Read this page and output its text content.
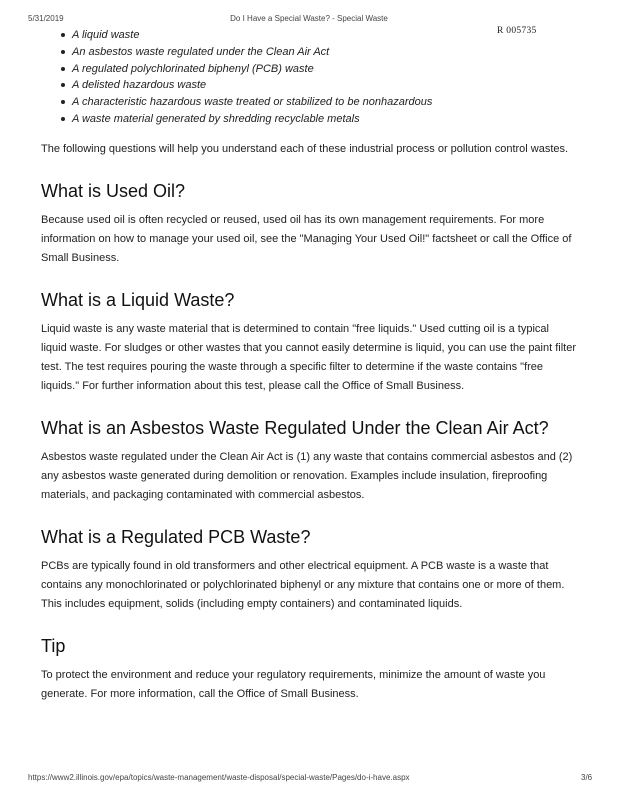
5/31/2019	Do I Have a Special Waste? - Special Waste
R 005735
A liquid waste
An asbestos waste regulated under the Clean Air Act
A regulated polychlorinated biphenyl (PCB) waste
A delisted hazardous waste
A characteristic hazardous waste treated or stabilized to be nonhazardous
A waste material generated by shredding recyclable metals

The following questions will help you understand each of these industrial process or pollution control wastes.

What is Used Oil?

Because used oil is often recycled or reused, used oil has its own management requirements. For more information on how to manage your used oil, see the "Managing Your Used Oil!" factsheet or call the Office of Small Business.

What is a Liquid Waste?

Liquid waste is any waste material that is determined to contain "free liquids." Used cutting oil is a typical liquid waste. For sludges or other wastes that you cannot easily determine is liquid, you can use the paint filter test. The test requires pouring the waste through a specific filter to determine if the waste contains "free liquids." For further information about this test, please call the Office of Small Business.

What is an Asbestos Waste Regulated Under the Clean Air Act?

Asbestos waste regulated under the Clean Air Act is (1) any waste that contains commercial asbestos and (2) any asbestos waste generated during demolition or renovation. Examples include insulation, fireproofing materials, and packaging contaminated with commercial asbestos.

What is a Regulated PCB Waste?

PCBs are typically found in old transformers and other electrical equipment. A PCB waste is a waste that contains any monochlorinated or polychlorinated biphenyl or any mixture that contains one or more of them. This includes equipment, solids (including empty containers) and contaminated liquids.

Tip

To protect the environment and reduce your regulatory requirements, minimize the amount of waste you generate. For more information, call the Office of Small Business.

https://www2.illinois.gov/epa/topics/waste-management/waste-disposal/special-waste/Pages/do-i-have.aspx	3/6
